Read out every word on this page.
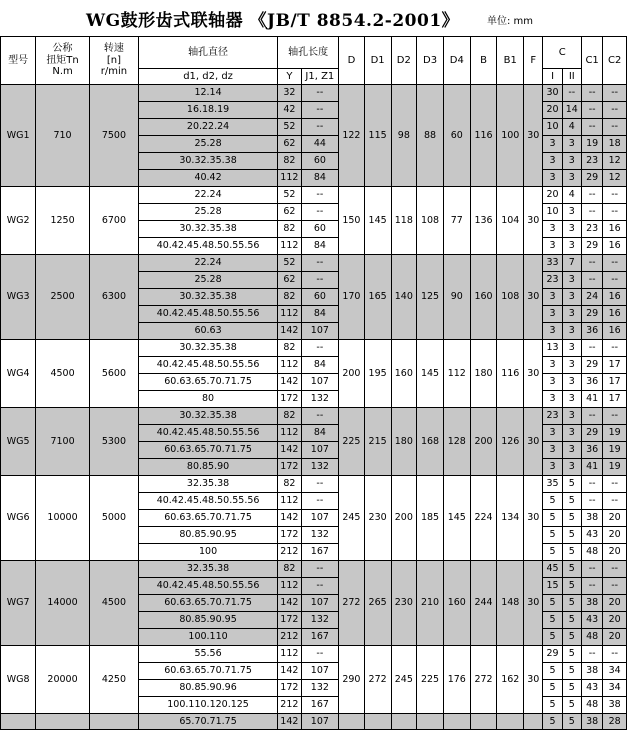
WG鼓形齿式联轴器 《JB/T 8854.2-2001》	单位: mm
型号	公称
扭矩Tn
N.m	转速
[n]
r/min	轴孔直径	轴孔长度		D	D1	D2	D3	D4	B	B1	F	C		C1	C2
			d1, d2, dz	Y	J1, Z1									I	II		
WG1	710	7500	12.14	32	--	122	115	98	88	60	116	100	30	30	--	--	--
			16.18.19	42	--									20	14	--	--
			20.22.24	52	--									10	4	--	--
			25.28	62	44									3	3	19	18
			30.32.35.38	82	60									3	3	23	12
			40.42	112	84									3	3	29	12
WG2	1250	6700	22.24	52	--	150	145	118	108	77	136	104	30	20	4	--	--
			25.28	62	--									10	3	--	--
			30.32.35.38	82	60									3	3	23	16
			40.42.45.48.50.55.56	112	84									3	3	29	16
WG3	2500	6300	22.24	52	--	170	165	140	125	90	160	108	30	33	7	--	--
			25.28	62	--									23	3	--	--
			30.32.35.38	82	60									3	3	24	16
			40.42.45.48.50.55.56	112	84									3	3	29	16
			60.63	142	107									3	3	36	16
WG4	4500	5600	30.32.35.38	82	--	200	195	160	145	112	180	116	30	13	3	--	--
			40.42.45.48.50.55.56	112	84									3	3	29	17
			60.63.65.70.71.75	142	107									3	3	36	17
			80	172	132									3	3	41	17
WG5	7100	5300	30.32.35.38	82	--	225	215	180	168	128	200	126	30	23	3	--	--
			40.42.45.48.50.55.56	112	84									3	3	29	19
			60.63.65.70.71.75	142	107									3	3	36	19
			80.85.90	172	132									3	3	41	19
WG6	10000	5000	32.35.38	82	--	245	230	200	185	145	224	134	30	35	5	--	--
			40.42.45.48.50.55.56	112	--									5	5	--	--
			60.63.65.70.71.75	142	107									5	5	38	20
			80.85.90.95	172	132									5	5	43	20
			100	212	167									5	5	48	20
WG7	14000	4500	32.35.38	82	--	272	265	230	210	160	244	148	30	45	5	--	--
			40.42.45.48.50.55.56	112	--									15	5	--	--
			60.63.65.70.71.75	142	107									5	5	38	20
			80.85.90.95	172	132									5	5	43	20
			100.110	212	167									5	5	48	20
WG8	20000	4250	55.56	112	--	290	272	245	225	176	272	162	30	29	5	--	--
			60.63.65.70.71.75	142	107									5	5	38	34
			80.85.90.96	172	132									5	5	43	34
			100.110.120.125	212	167									5	5	48	38
			65.70.71.75	142	107									5	5	38	28
